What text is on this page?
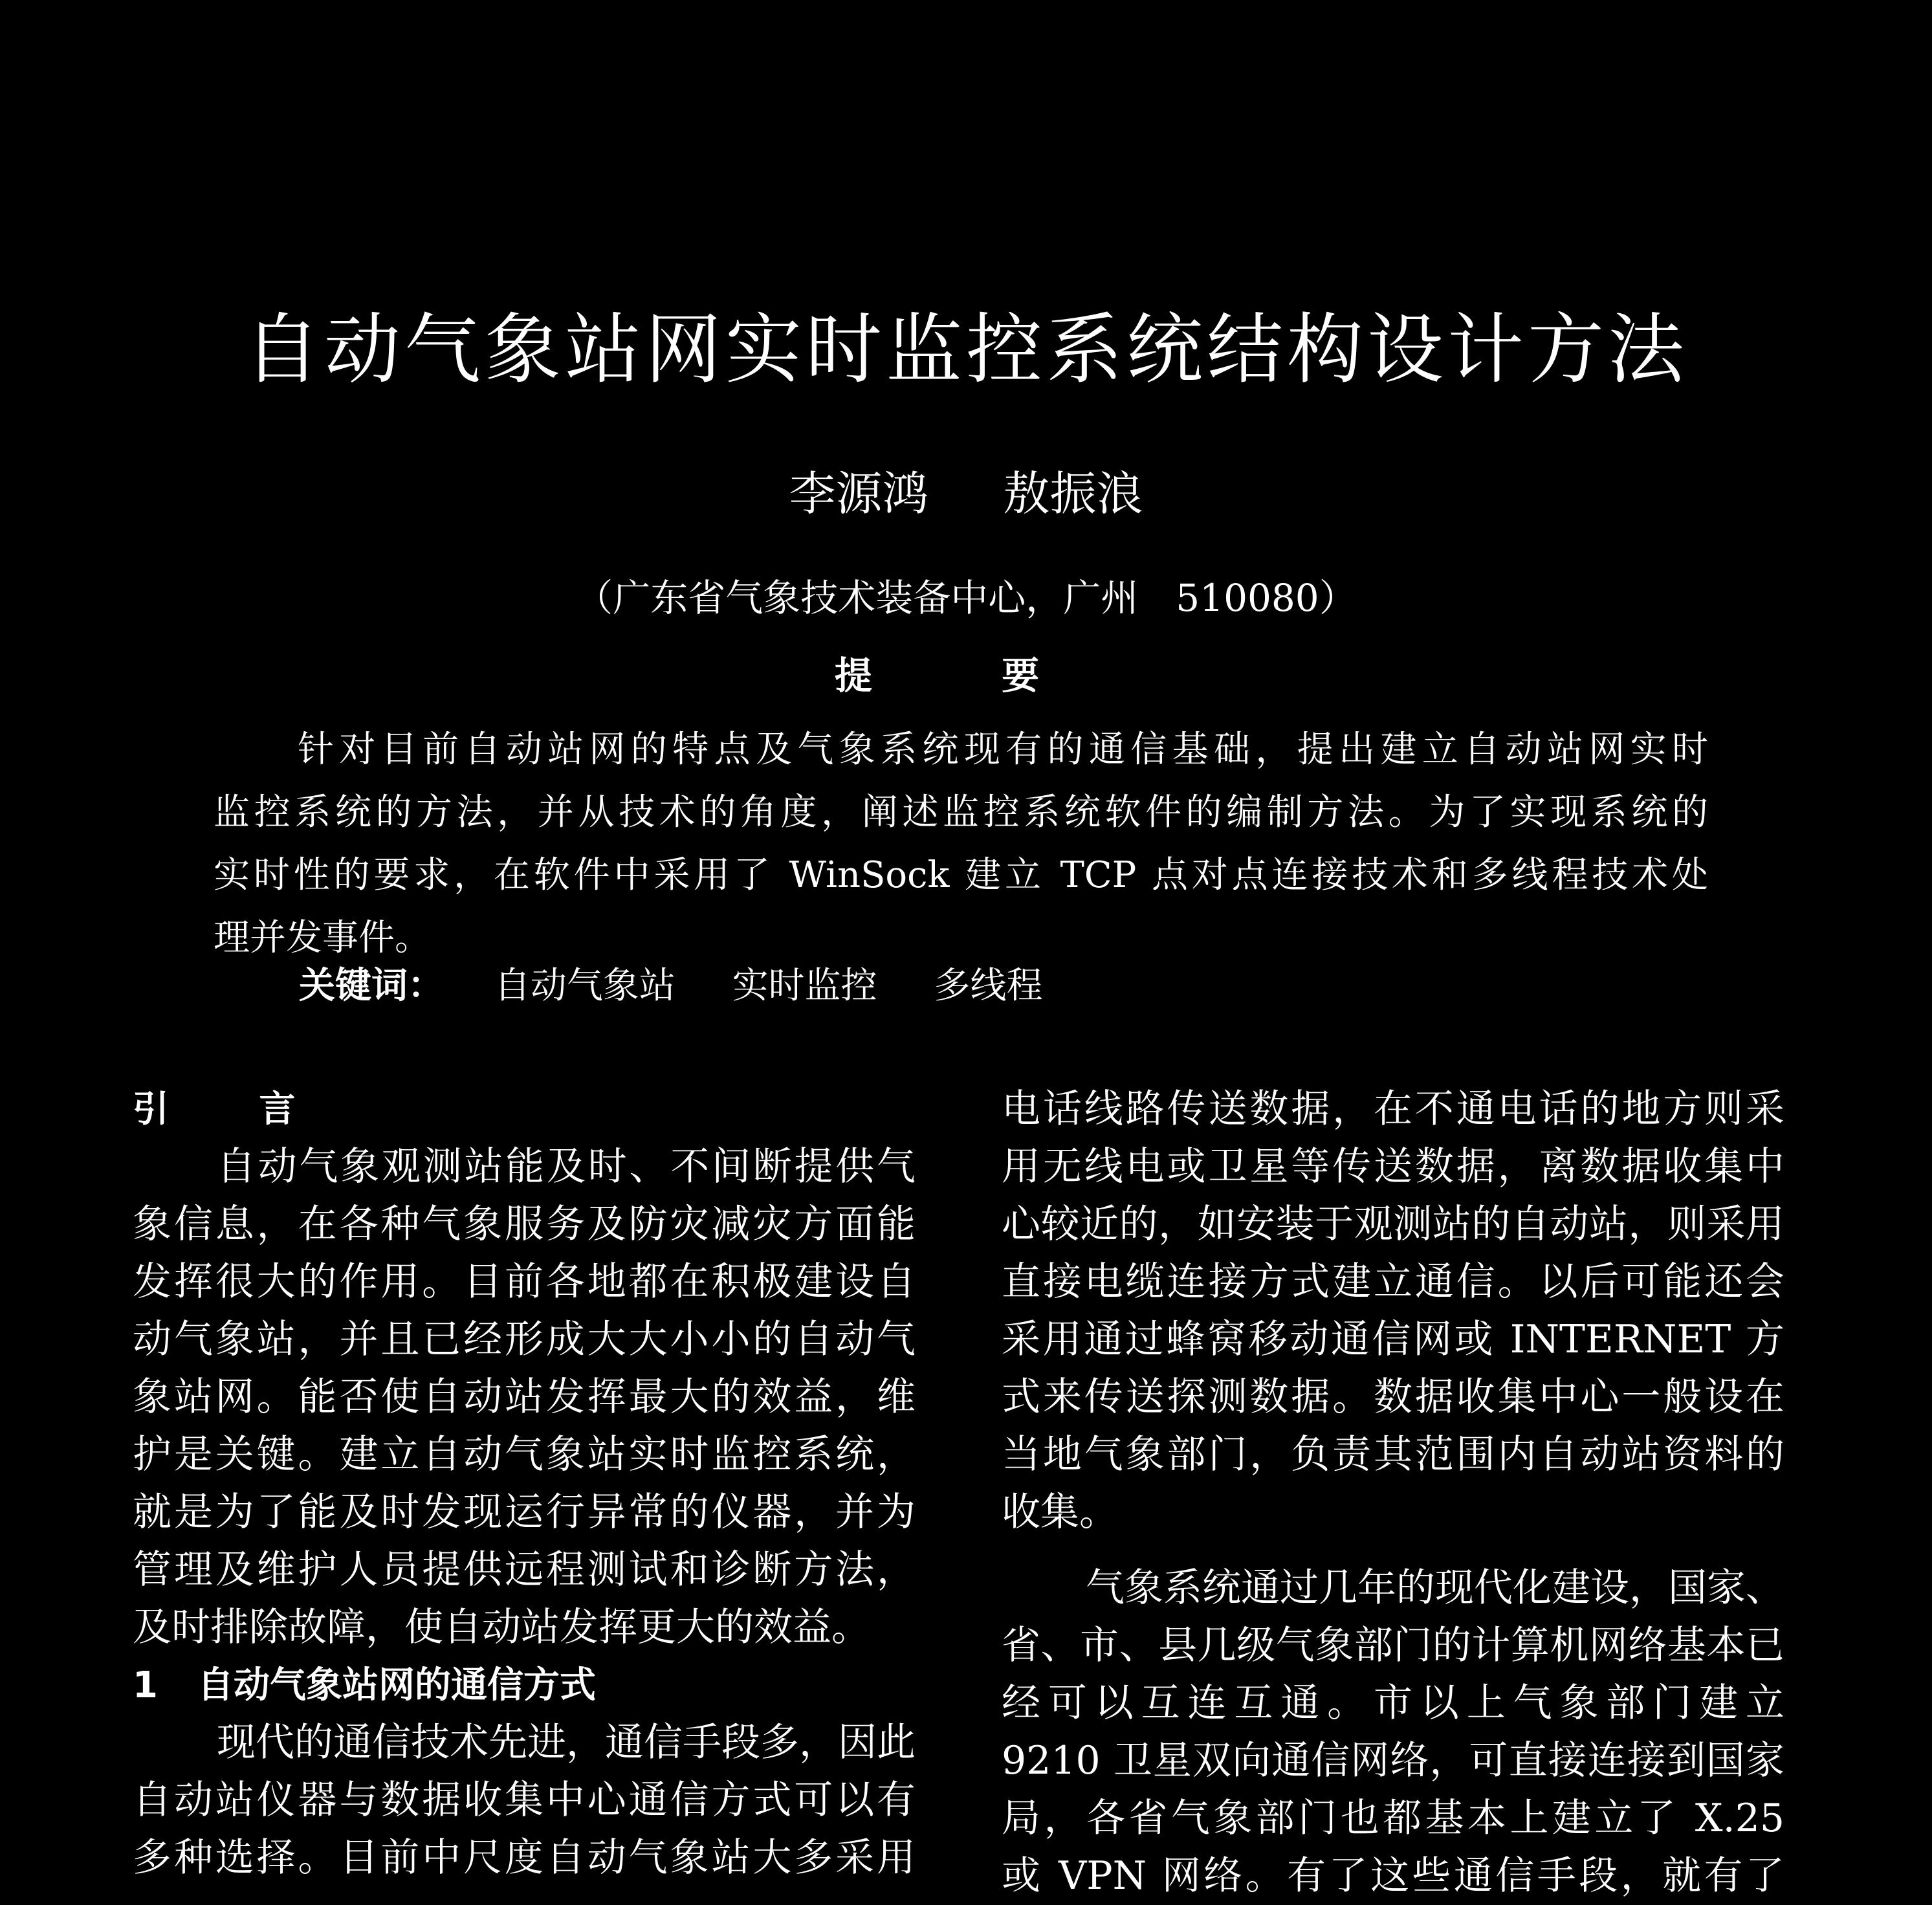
自动气象站网实时监控系统结构设计方法
李源鸿 敖振浪
（广东省气象技术装备中心，广州　510080）
提 要
针对目前自动站网的特点及气象系统现有的通信基础，提出建立自动站网实时
监控系统的方法，并从技术的角度，阐述监控系统软件的编制方法。为了实现系统的
实时性的要求，在软件中采用了 WinSock 建立 TCP 点对点连接技术和多线程技术处
理并发事件。
关键词： 自动气象站 实时监控 多线程
引 言
自动气象观测站能及时、不间断提供气
象信息，在各种气象服务及防灾减灾方面能
发挥很大的作用。目前各地都在积极建设自
动气象站，并且已经形成大大小小的自动气
象站网。能否使自动站发挥最大的效益，维
护是关键。建立自动气象站实时监控系统，
就是为了能及时发现运行异常的仪器，并为
管理及维护人员提供远程测试和诊断方法，
及时排除故障，使自动站发挥更大的效益。
1 自动气象站网的通信方式
现代的通信技术先进，通信手段多，因此
自动站仪器与数据收集中心通信方式可以有
多种选择。目前中尺度自动气象站大多采用
电话线路传送数据，在不通电话的地方则采
用无线电或卫星等传送数据，离数据收集中
心较近的，如安装于观测站的自动站，则采用
直接电缆连接方式建立通信。以后可能还会
采用通过蜂窝移动通信网或 INTERNET 方
式来传送探测数据。数据收集中心一般设在
当地气象部门，负责其范围内自动站资料的
收集。
气象系统通过几年的现代化建设，国家、
省、市、县几级气象部门的计算机网络基本已
经可以互连互通。市以上气象部门建立
9210 卫星双向通信网络，可直接连接到国家
局，各省气象部门也都基本上建立了 X.25
或 VPN 网络。有了这些通信手段，就有了
